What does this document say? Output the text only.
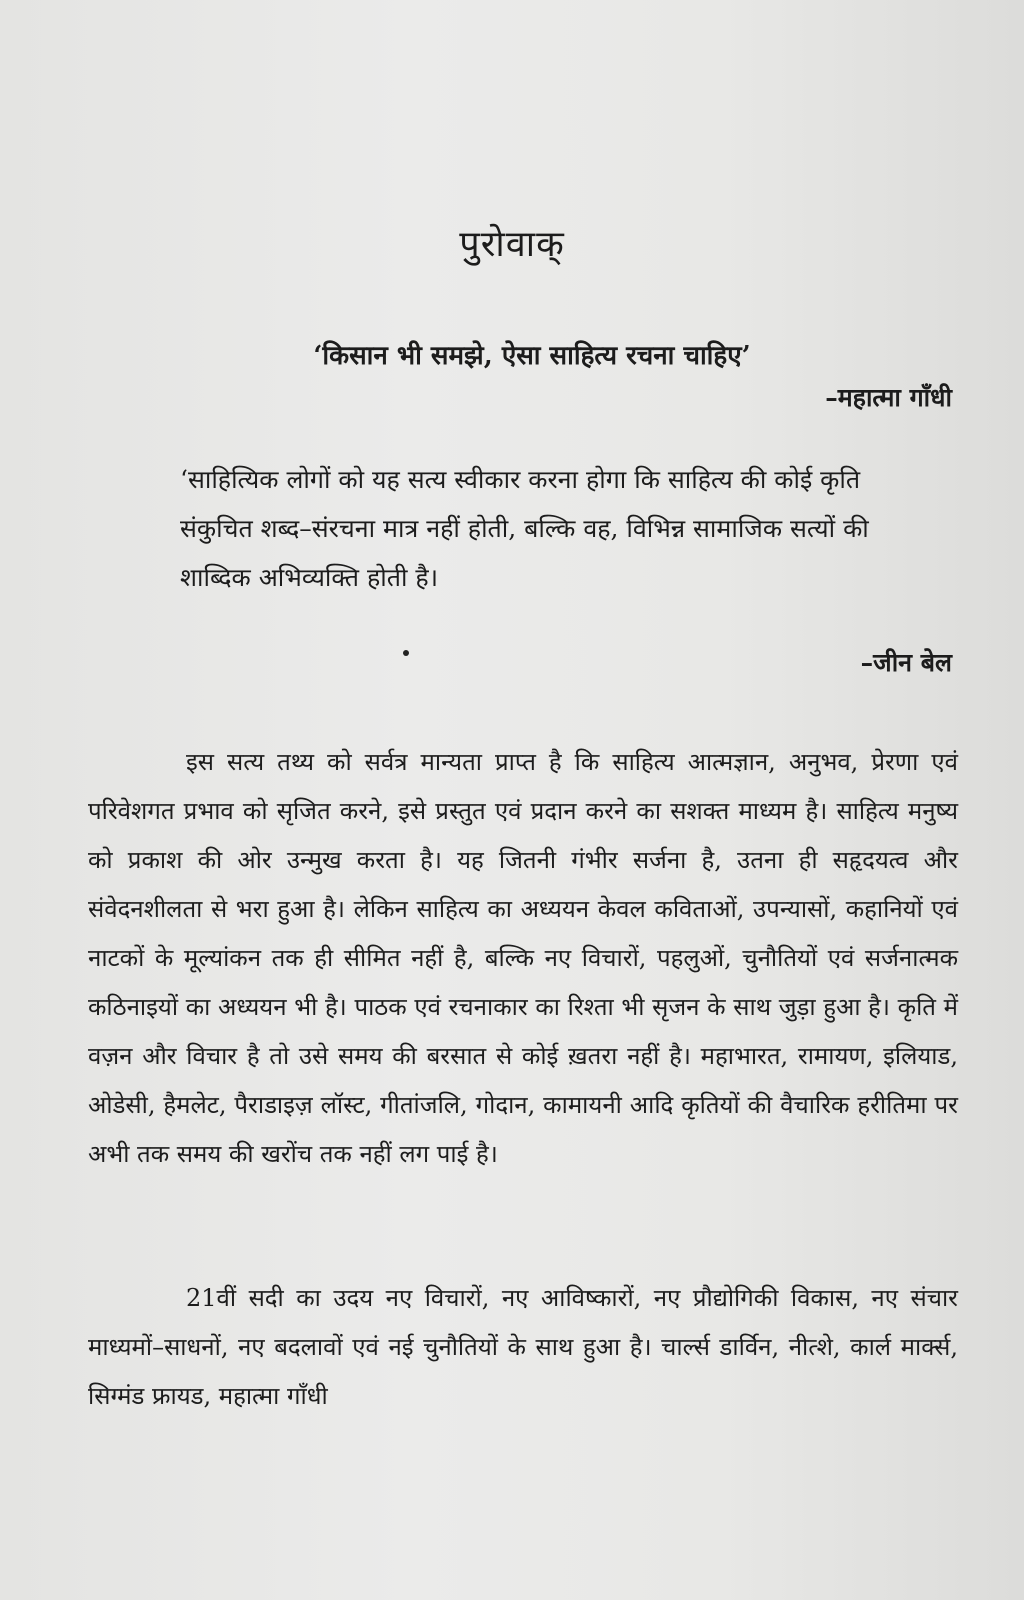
पुरोवाक्

‘किसान भी समझे, ऐसा साहित्य रचना चाहिए’

–महात्मा गाँधी

‘साहित्यिक लोगों को यह सत्य स्वीकार करना होगा कि साहित्य की कोई कृति संकुचित शब्द–संरचना मात्र नहीं होती, बल्कि वह, विभिन्न सामाजिक सत्यों की शाब्दिक अभिव्यक्ति होती है।

–जीन बेल

इस सत्य तथ्य को सर्वत्र मान्यता प्राप्त है कि साहित्य आत्मज्ञान, अनुभव, प्रेरणा एवं परिवेशगत प्रभाव को सृजित करने, इसे प्रस्तुत एवं प्रदान करने का सशक्त माध्यम है। साहित्य मनुष्य को प्रकाश की ओर उन्मुख करता है। यह जितनी गंभीर सर्जना है, उतना ही सहृदयत्व और संवेदनशीलता से भरा हुआ है। लेकिन साहित्य का अध्ययन केवल कविताओं, उपन्यासों, कहानियों एवं नाटकों के मूल्यांकन तक ही सीमित नहीं है, बल्कि नए विचारों, पहलुओं, चुनौतियों एवं सर्जनात्मक कठिनाइयों का अध्ययन भी है। पाठक एवं रचनाकार का रिश्ता भी सृजन के साथ जुड़ा हुआ है। कृति में वज़न और विचार है तो उसे समय की बरसात से कोई ख़तरा नहीं है। महाभारत, रामायण, इलियाड, ओडेसी, हैमलेट, पैराडाइज़ लॉस्ट, गीतांजलि, गोदान, कामायनी आदि कृतियों की वैचारिक हरीतिमा पर अभी तक समय की खरोंच तक नहीं लग पाई है।

21वीं सदी का उदय नए विचारों, नए आविष्कारों, नए प्रौद्योगिकी विकास, नए संचार माध्यमों–साधनों, नए बदलावों एवं नई चुनौतियों के साथ हुआ है। चार्ल्स डार्विन, नीत्शे, कार्ल मार्क्स, सिग्मंड फ्रायड, महात्मा गाँधी
